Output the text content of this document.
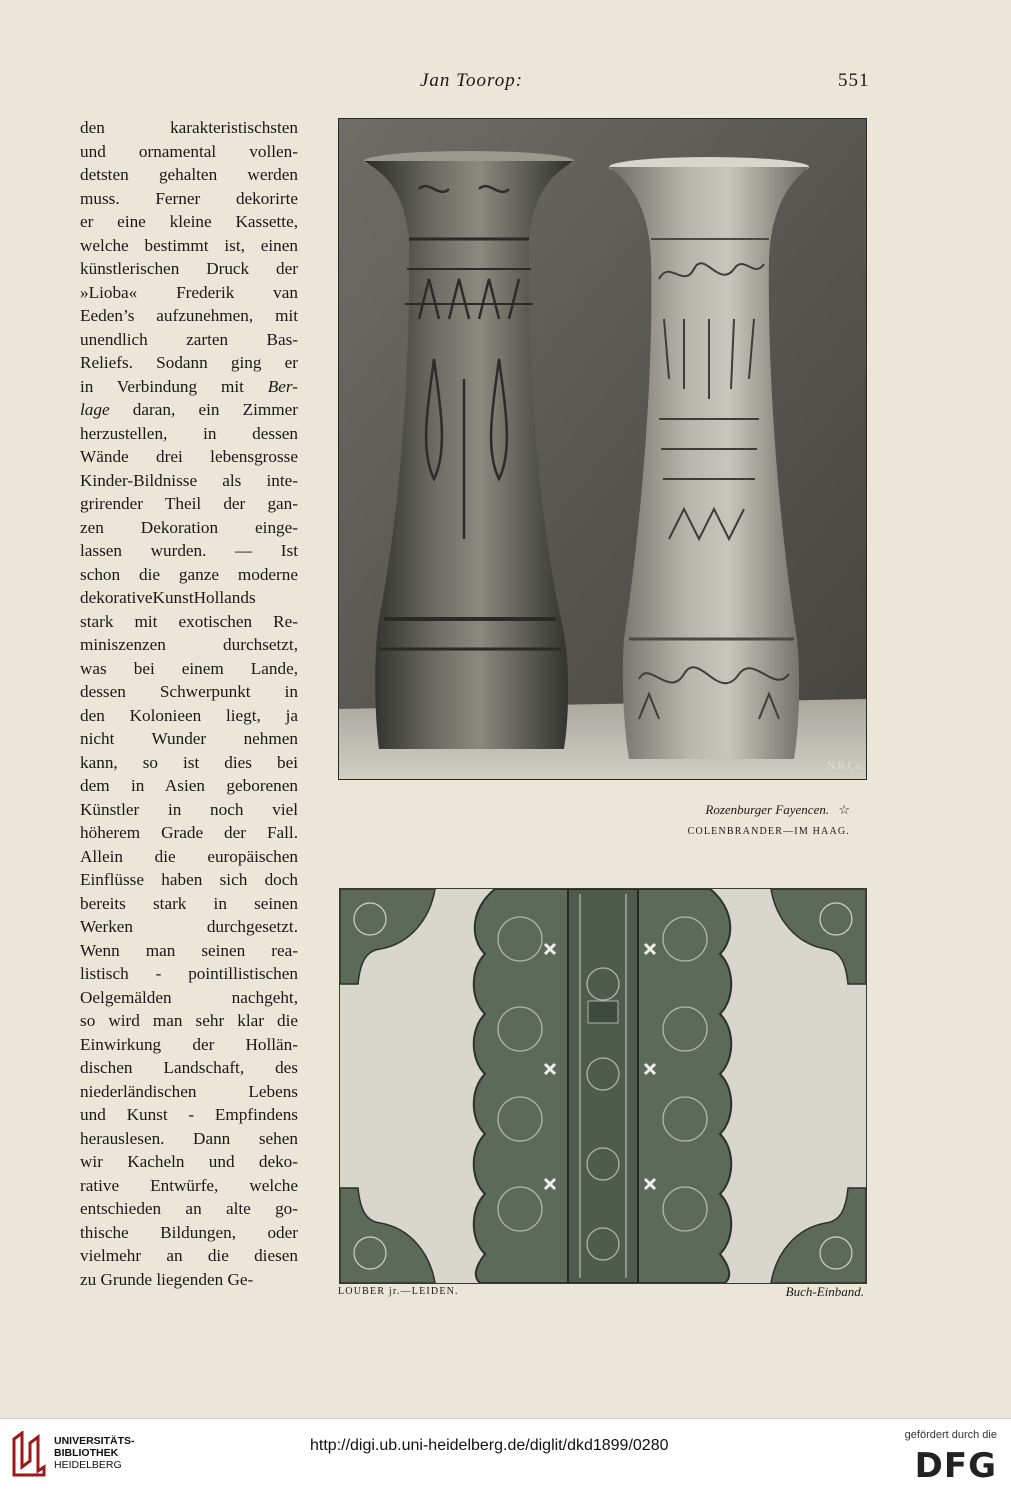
Jan Toorop:	551
den karakteristischsten
und ornamental vollen-
detsten gehalten werden
muss. Ferner dekorirte
er eine kleine Kassette,
welche bestimmt ist, einen
künstlerischen Druck der
»Lioba« Frederik van
Eeden’s aufzunehmen, mit
unendlich zarten Bas-
Reliefs. Sodann ging er
in Verbindung mit Ber-
lage daran, ein Zimmer
herzustellen, in dessen
Wände drei lebensgrosse
Kinder-Bildnisse als inte-
grirender Theil der gan-
zen Dekoration einge-
lassen wurden. — Ist
schon die ganze moderne
dekorativeKunstHollands
stark mit exotischen Re-
miniszenzen durchsetzt,
was bei einem Lande,
dessen Schwerpunkt in
den Kolonieen liegt, ja
nicht Wunder nehmen
kann, so ist dies bei
dem in Asien geborenen
Künstler in noch viel
höherem Grade der Fall.
Allein die europäischen
Einflüsse haben sich doch
bereits stark in seinen
Werken durchgesetzt.
Wenn man seinen rea-
listisch - pointillistischen
Oelgemälden nachgeht,
so wird man sehr klar die
Einwirkung der Hollän-
dischen Landschaft, des
niederländischen Lebens
und Kunst - Empfindens
herauslesen. Dann sehen
wir Kacheln und deko-
rative Entwürfe, welche
entschieden an alte go-
thische Bildungen, oder
vielmehr an die diesen
zu Grunde liegenden Ge-
N.R.Co.
Rozenburger Fayencen. ☆
COLENBRANDER—IM HAAG.
LOUBER jr.—LEIDEN.	Buch-Einband.
UNIVERSITÄTS-
BIBLIOTHEK
HEIDELBERG
http://digi.ub.uni-heidelberg.de/diglit/dkd1899/0280
gefördert durch die
DFG
